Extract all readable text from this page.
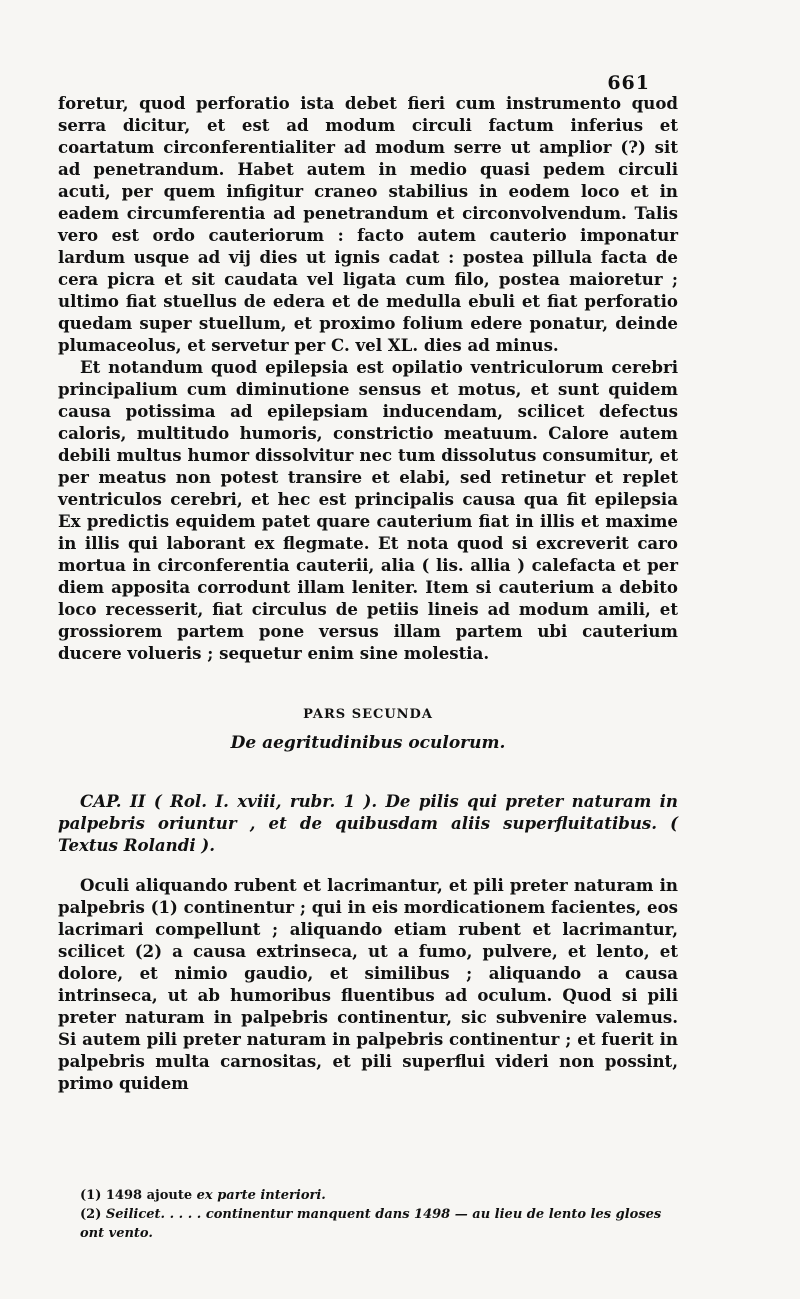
661

foretur, quod perforatio ista debet fieri cum instrumento quod serra dicitur, et est ad modum circuli factum inferius et coartatum circonferentialiter ad modum serre ut amplior (?) sit ad penetrandum. Habet autem in medio quasi pedem circuli acuti, per quem infigitur craneo stabilius in eodem loco et in eadem circumferentia ad penetrandum et circonvolvendum. Talis vero est ordo cauteriorum : facto autem cauterio imponatur lardum usque ad vij dies ut ignis cadat : postea pillula facta de cera picra et sit caudata vel ligata cum filo, postea maioretur ; ultimo fiat stuellus de edera et de medulla ebuli et fiat perforatio quedam super stuellum, et proximo folium edere ponatur, deinde plumaceolus, et servetur per C. vel XL. dies ad minus.

Et notandum quod epilepsia est opilatio ventriculorum cerebri principalium cum diminutione sensus et motus, et sunt quidem causa potissima ad epilepsiam inducendam, scilicet defectus caloris, multitudo humoris, constrictio meatuum. Calore autem debili multus humor dissolvitur nec tum dissolutus consumitur, et per meatus non potest transire et elabi, sed retinetur et replet ventriculos cerebri, et hec est principalis causa qua fit epilepsia Ex predictis equidem patet quare cauterium fiat in illis et maxime in illis qui laborant ex flegmate. Et nota quod si excreverit caro mortua in circonferentia cauterii, alia ( lis. allia ) calefacta et per diem apposita corrodunt illam leniter. Item si cauterium a debito loco recesserit, fiat circulus de petiis lineis ad modum amili, et grossiorem partem pone versus illam partem ubi cauterium ducere volueris ; sequetur enim sine molestia.

PARS SECUNDA
De aegritudinibus oculorum.

CAP. II ( Rol. I. xviii, rubr. 1 ). De pilis qui preter naturam in palpebris oriuntur , et de quibusdam aliis superfluitatibus. ( Textus Rolandi ).

Oculi aliquando rubent et lacrimantur, et pili preter naturam in palpebris (1) continentur ; qui in eis mordicationem facientes, eos lacrimari compellunt ; aliquando etiam rubent et lacrimantur, scilicet (2) a causa extrinseca, ut a fumo, pulvere, et lento, et dolore, et nimio gaudio, et similibus ; aliquando a causa intrinseca, ut ab humoribus fluentibus ad oculum. Quod si pili preter naturam in palpebris continentur, sic subvenire valemus. Si autem pili preter naturam in palpebris continentur ; et fuerit in palpebris multa carnositas, et pili superflui videri non possint, primo quidem

(1) 1498 ajoute ex parte interiori.

(2) Seilicet. . . . . continentur manquent dans 1498 — au lieu de lento les gloses ont vento.
